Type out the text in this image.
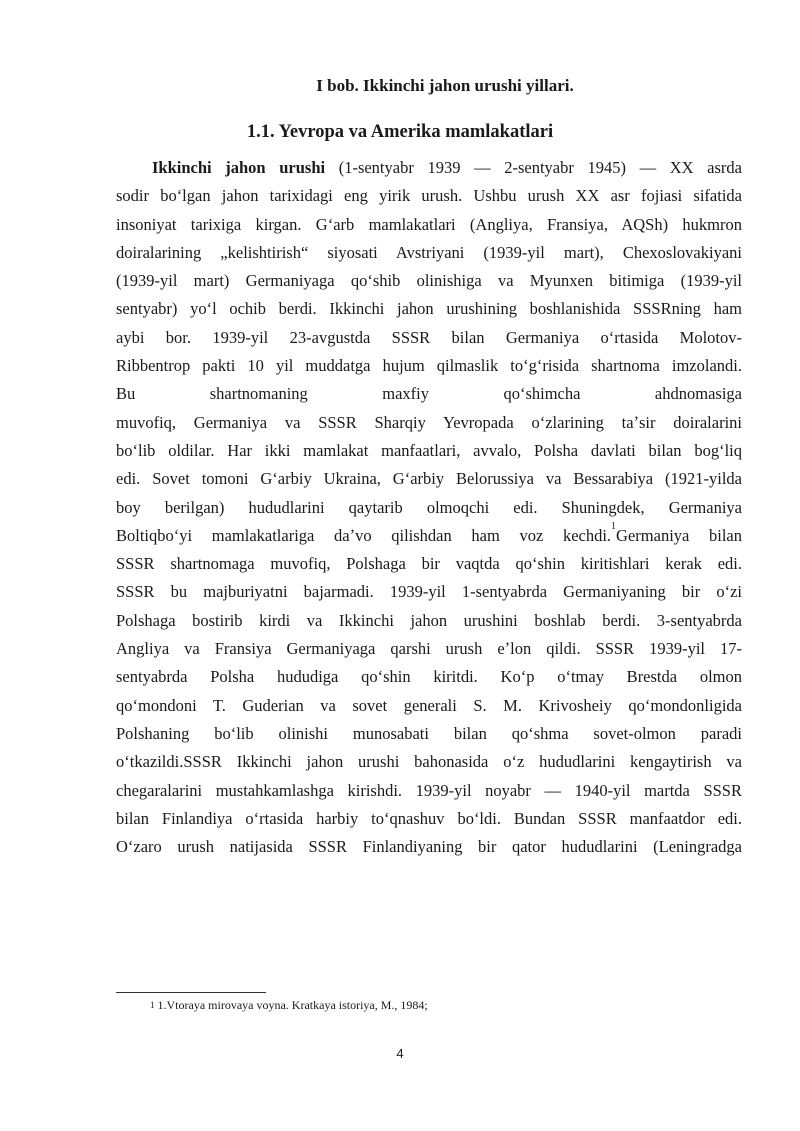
I bob. Ikkinchi jahon urushi yillari.

1.1. Yevropa va Amerika mamlakatlari

Ikkinchi jahon urushi (1-sentyabr 1939 — 2-sentyabr 1945) — XX asrda
sodir boʻlgan jahon tarixidagi eng yirik urush. Ushbu urush XX asr fojiasi sifatida
insoniyat tarixiga kirgan. Gʻarb mamlakatlari (Angliya, Fransiya, AQSh) hukmron
doiralarining „kelishtirish“ siyosati Avstriyani (1939-yil mart), Chexoslovakiyani
(1939-yil mart) Germaniyaga qoʻshib olinishiga va Myunxen bitimiga (1939-yil
sentyabr) yoʻl ochib berdi. Ikkinchi jahon urushining boshlanishida SSSRning ham
aybi bor. 1939-yil 23-avgustda SSSR bilan Germaniya oʻrtasida Molotov-
Ribbentrop pakti 10 yil muddatga hujum qilmaslik toʻgʻrisida shartnoma imzolandi.
Bu shartnomaning maxfiy qoʻshimcha ahdnomasiga
muvofiq, Germaniya va SSSR Sharqiy Yevropada oʻzlarining taʼsir doiralarini
boʻlib oldilar. Har ikki mamlakat manfaatlari, avvalo, Polsha davlati bilan bogʻliq
edi. Sovet tomoni Gʻarbiy Ukraina, Gʻarbiy Belorussiya va Bessarabiya (1921-yilda
boy berilgan) hududlarini qaytarib olmoqchi edi. Shuningdek, Germaniya
Boltiqboʻyi mamlakatlariga daʼvo qilishdan ham voz kechdi.$^1$Germaniya bilan
SSSR shartnomaga muvofiq, Polshaga bir vaqtda qoʻshin kiritishlari kerak edi.
SSSR bu majburiyatni bajarmadi. 1939-yil 1-sentyabrda Germaniyaning bir oʻzi
Polshaga bostirib kirdi va Ikkinchi jahon urushini boshlab berdi. 3-sentyabrda
Angliya va Fransiya Germaniyaga qarshi urush eʼlon qildi. SSSR 1939-yil 17-
sentyabrda Polsha hududiga qoʻshin kiritdi. Koʻp oʻtmay Brestda olmon
qoʻmondoni T. Guderian va sovet generali S. M. Krivosheiy qoʻmondonligida
Polshaning boʻlib olinishi munosabati bilan qoʻshma sovet-olmon paradi
oʻtkazildi.SSSR Ikkinchi jahon urushi bahonasida oʻz hududlarini kengaytirish va
chegaralarini mustahkamlashga kirishdi. 1939-yil noyabr — 1940-yil martda SSSR
bilan Finlandiya oʻrtasida harbiy toʻqnashuv boʻldi. Bundan SSSR manfaatdor edi.
Oʻzaro urush natijasida SSSR Finlandiyaning bir qator hududlarini (Leningradga

$^1$ 1.Vtoraya mirovaya voyna. Kratkaya istoriya, M., 1984;

4
